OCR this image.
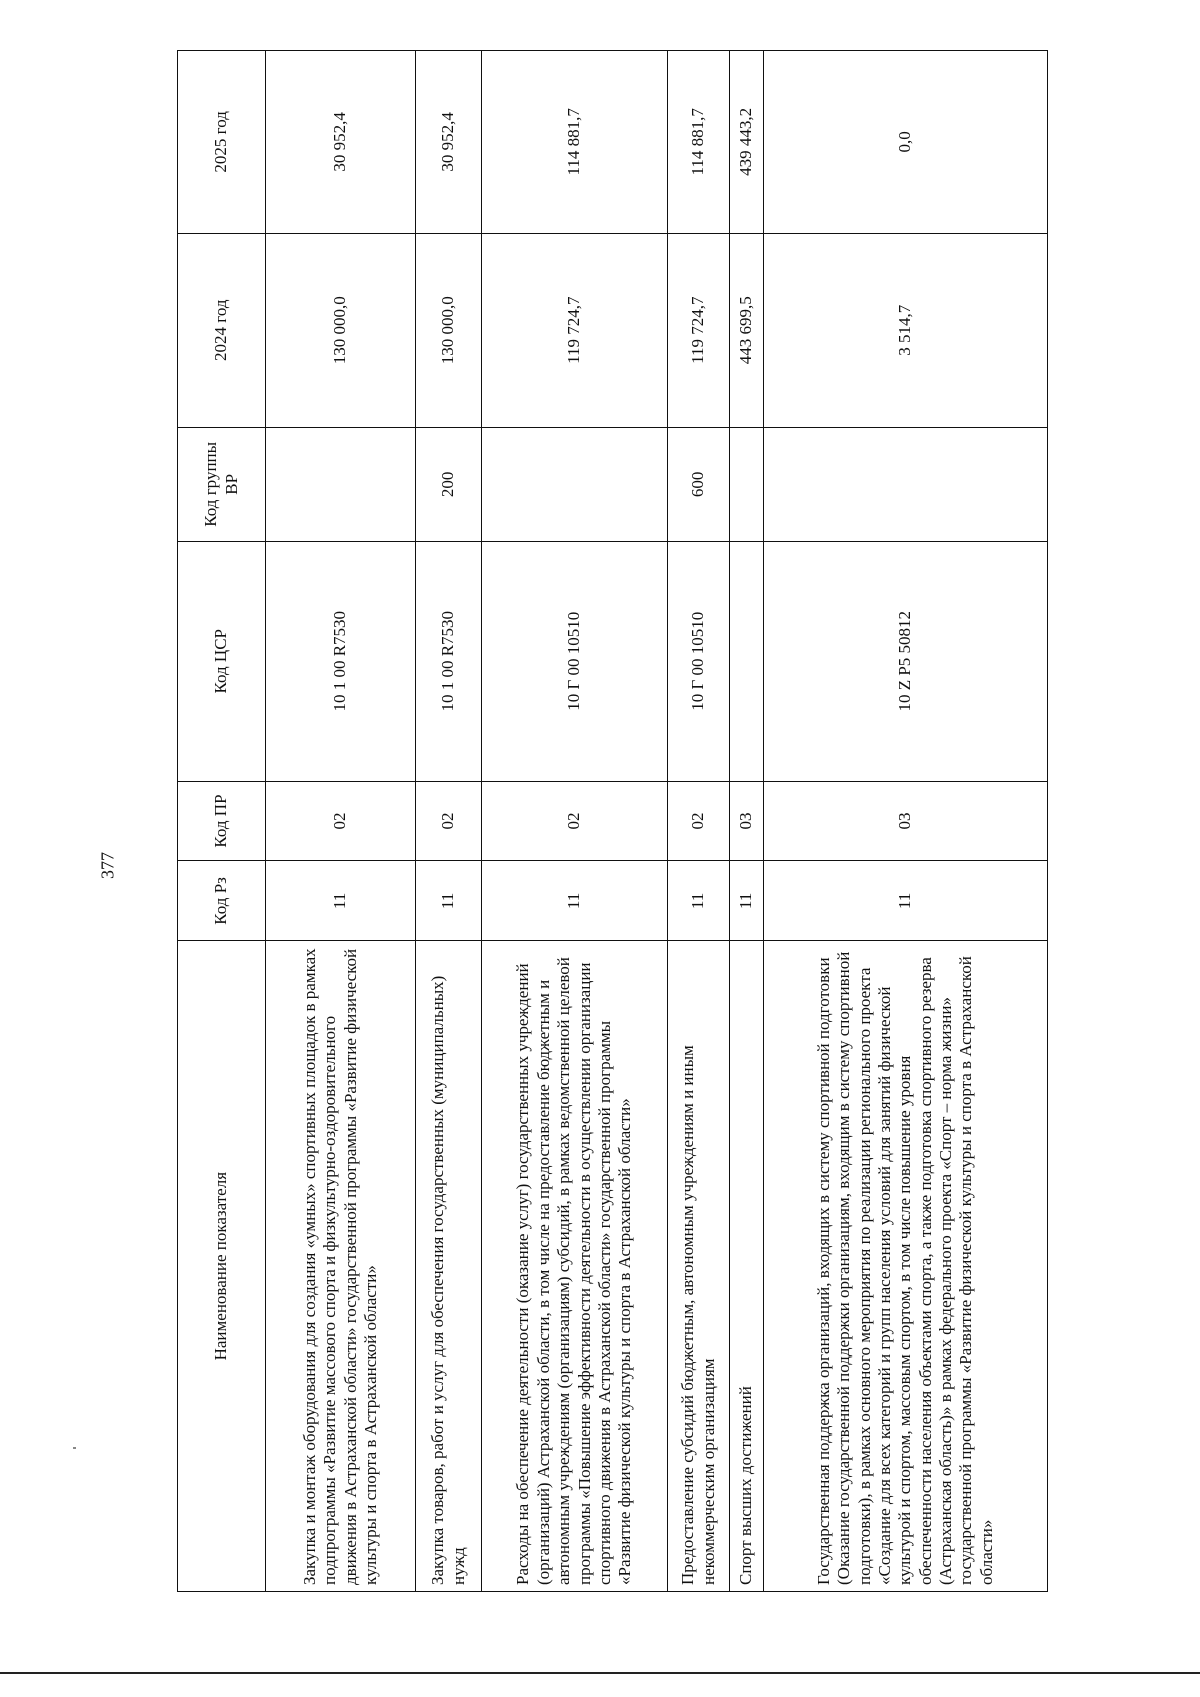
377
Наименование показателя	Код Рз	Код ПР	Код ЦСР	Код группы ВР	2024 год	2025 год
Закупка и монтаж оборудования для создания «умных» спортивных площадок в рамках подпрограммы «Развитие массового спорта и физкультурно-оздоровительного движения в Астраханской области» государственной программы «Развитие физической культуры и спорта в Астраханской области»	11	02	10 1 00 R7530		130 000,0	30 952,4
Закупка товаров, работ и услуг для обеспечения государственных (муниципальных) нужд	11	02	10 1 00 R7530	200	130 000,0	30 952,4
Расходы на обеспечение деятельности (оказание услуг) государственных учреждений (организаций) Астраханской области, в том числе на предоставление бюджетным и автономным учреждениям (организациям) субсидий, в рамках ведомственной целевой программы «Повышение эффективности деятельности в осуществлении организации спортивного движения в Астраханской области» государственной программы «Развитие физической культуры и спорта в Астраханской области»	11	02	10 Г 00 10510		119 724,7	114 881,7
Предоставление субсидий бюджетным, автономным учреждениям и иным некоммерческим организациям	11	02	10 Г 00 10510	600	119 724,7	114 881,7
Спорт высших достижений	11	03			443 699,5	439 443,2
Государственная поддержка организаций, входящих в систему спортивной подготовки (Оказание государственной поддержки организациям, входящим в систему спортивной подготовки), в рамках основного мероприятия по реализации регионального проекта «Создание для всех категорий и групп населения условий для занятий физической культурой и спортом, массовым спортом, в том числе повышение уровня обеспеченности населения объектами спорта, а также подготовка спортивного резерва (Астраханская область)» в рамках федерального проекта «Спорт – норма жизни» государственной программы «Развитие физической культуры и спорта в Астраханской области»	11	03	10 Z P5 50812		3 514,7	0,0
